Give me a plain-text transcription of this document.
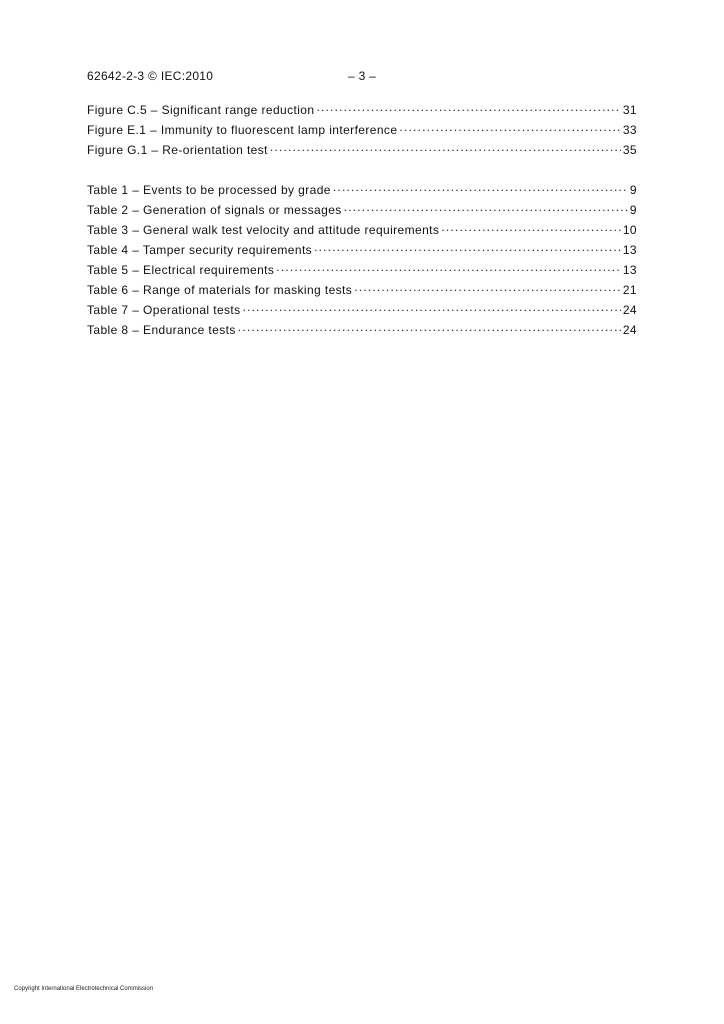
62642-2-3 © IEC:2010	– 3 –
Figure C.5 – Significant range reduction .....	31
Figure E.1 – Immunity to fluorescent lamp interference .....	33
Figure G.1 – Re-orientation test .....	35
Table 1 – Events to be processed by grade .....	9
Table 2 – Generation of signals or messages .....	9
Table 3 – General walk test velocity and attitude requirements .....	10
Table 4 – Tamper security requirements .....	13
Table 5 – Electrical requirements .....	13
Table 6 – Range of materials for masking tests .....	21
Table 7 – Operational tests .....	24
Table 8 – Endurance tests .....	24
Copyright International Electrotechnical Commission
